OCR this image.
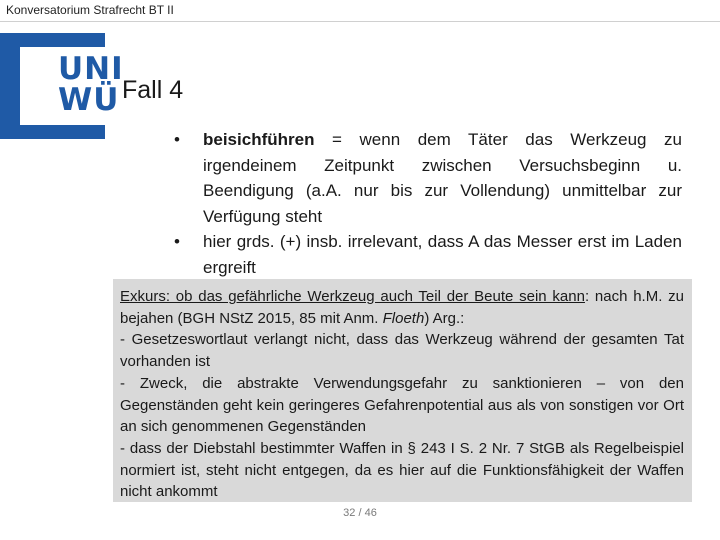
Konversatorium Strafrecht BT II
UNI
WÜ Fall 4
• beisichführen = wenn dem Täter das Werkzeug zu irgendeinem Zeitpunkt zwischen Versuchsbeginn u. Beendigung (a.A. nur bis zur Vollendung) unmittelbar zur Verfügung steht
• hier grds. (+) insb. irrelevant, dass A das Messer erst im Laden ergreift

Exkurs: ob das gefährliche Werkzeug auch Teil der Beute sein kann: nach h.M. zu bejahen (BGH NStZ 2015, 85 mit Anm. Floeth) Arg.:

- Gesetzeswortlaut verlangt nicht, dass das Werkzeug während der gesamten Tat vorhanden ist

- Zweck, die abstrakte Verwendungsgefahr zu sanktionieren – von den Gegenständen geht kein geringeres Gefahrenpotential aus als von sonstigen vor Ort an sich genommenen Gegenständen

- dass der Diebstahl bestimmter Waffen in § 243 I S. 2 Nr. 7 StGB als Regelbeispiel normiert ist, steht nicht entgegen, da es hier auf die Funktionsfähigkeit der Waffen nicht ankommt

32 / 46
